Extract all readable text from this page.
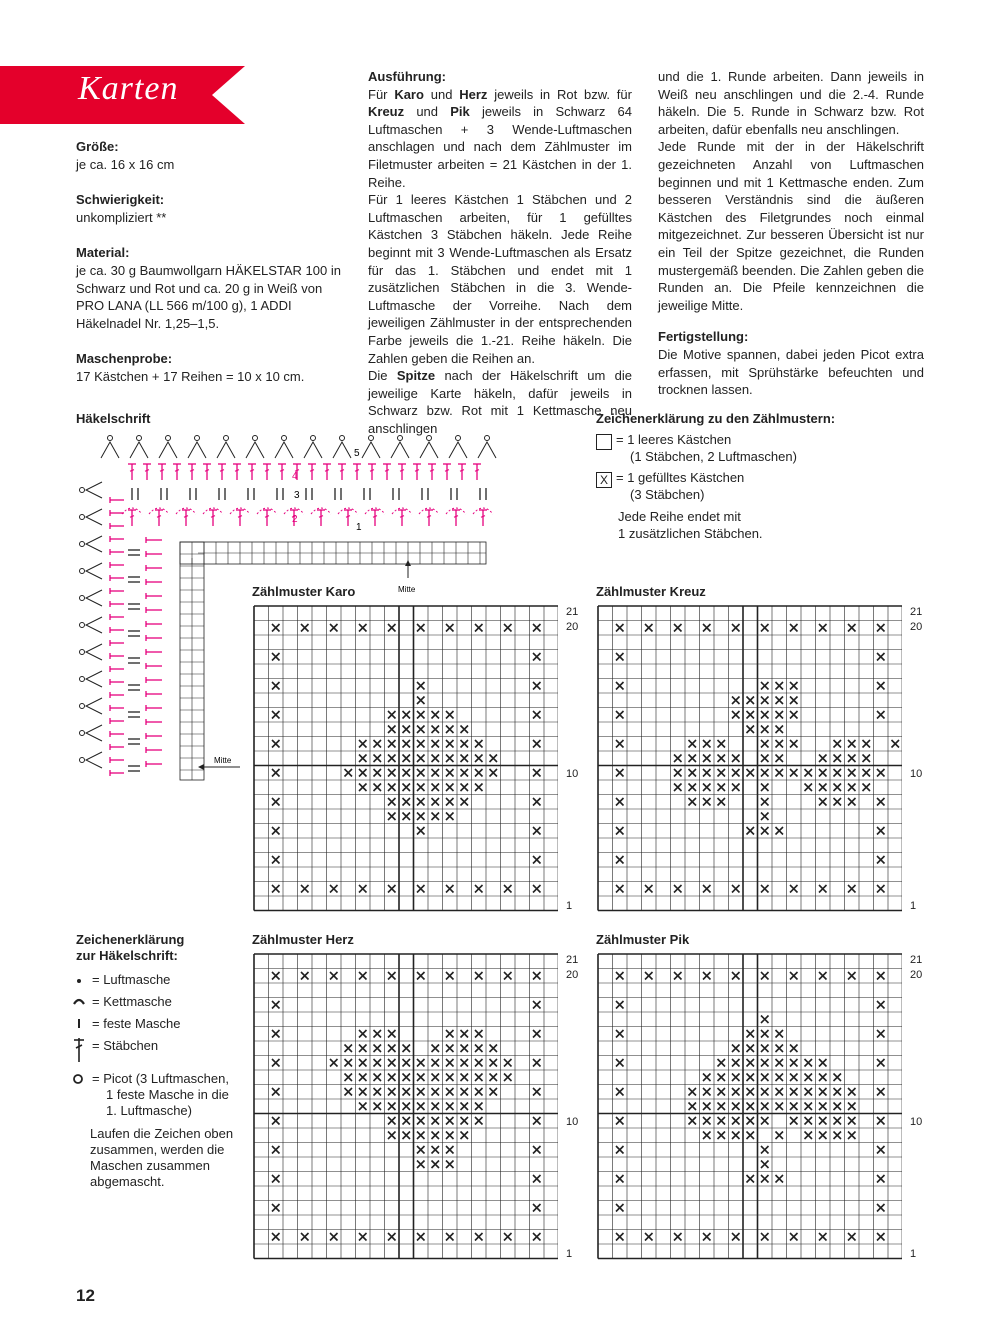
Karten

Größe:

je ca. 16 x 16 cm

Schwierigkeit:

unkompliziert **

Material:

je ca. 30 g Baumwollgarn HÄKELSTAR 100 in Schwarz und Rot und ca. 20 g in Weiß von PRO LANA (LL 566 m/100 g), 1 ADDI Häkelnadel Nr. 1,25–1,5.

Maschenprobe:

17 Kästchen + 17 Reihen = 10 x 10 cm.

Ausführung:

Für Karo und Herz jeweils in Rot bzw. für Kreuz und Pik jeweils in Schwarz 64 Luftmaschen + 3 Wende-Luftmaschen anschlagen und nach dem Zählmuster im Filetmuster arbeiten = 21 Kästchen in der 1. Reihe.

Für 1 leeres Kästchen 1 Stäbchen und 2 Luftmaschen arbeiten, für 1 gefülltes Kästchen 3 Stäbchen häkeln. Jede Reihe beginnt mit 3 Wende-Luftmaschen als Ersatz für das 1. Stäbchen und endet mit 1 zusätzlichen Stäbchen in die 3. Wende-Luftmasche der Vorreihe. Nach dem jeweiligen Zählmuster in der entsprechenden Farbe jeweils die 1.-21. Reihe häkeln. Die Zahlen geben die Reihen an.

Die Spitze nach der Häkelschrift um die jeweilige Karte häkeln, dafür jeweils in Schwarz bzw. Rot mit 1 Kettmasche neu anschlingen

und die 1. Runde arbeiten. Dann jeweils in Weiß neu anschlingen und die 2.-4. Runde häkeln. Die 5. Runde in Schwarz bzw. Rot arbeiten, dafür ebenfalls neu anschlingen.

Jede Runde mit der in der Häkelschrift gezeichneten Anzahl von Luftmaschen beginnen und mit 1 Kettmasche enden. Zum besseren Verständnis sind die äußeren Kästchen des Filetgrundes noch einmal mitgezeichnet. Zur besseren Übersicht ist nur ein Teil der Spitze gezeichnet, die Runden mustergemäß beenden. Die Zahlen geben die Runden an. Die Pfeile kennzeichnen die jeweilige Mitte.

Fertigstellung:

Die Motive spannen, dabei jeden Picot extra erfassen, mit Sprühstärke befeuchten und trocknen lassen.

Häkelschrift
5
4
3
2
1
Mitte
Mitte
Zeichenerklärung zu den Zählmustern:
= 1 leeres Kästchen
(1 Stäbchen, 2 Luftmaschen)
X = 1 gefülltes Kästchen
(3 Stäbchen)
Jede Reihe endet mit
1 zusätzlichen Stäbchen.
Zählmuster Karo	Zählmuster Kreuz
Zählmuster Herz	Zählmuster Pik
21
20
10
1
21
20
10
1
21
20
10
1
21
20
10
1
Zeichenerklärung
zur Häkelschrift:
= Luftmasche
= Kettmasche
= feste Masche
= Stäbchen
= Picot (3 Luftmaschen,
1 feste Masche in die
1. Luftmasche)
Laufen die Zeichen oben
zusammen, werden die
Maschen zusammen
abgemascht.
12
